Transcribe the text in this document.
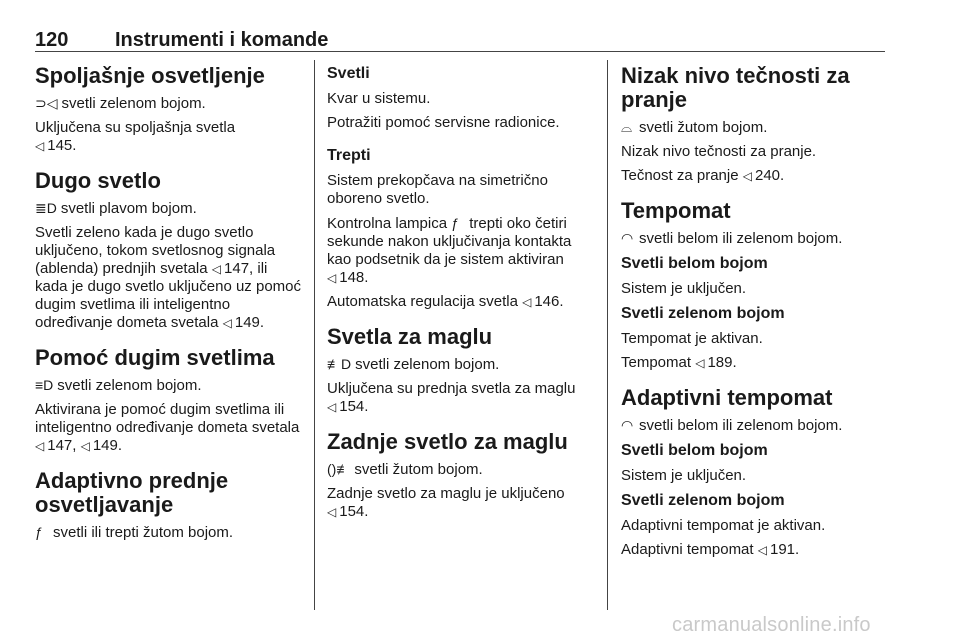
120 Instrumenti i komande
Spoljašnje osvetljenje

⊃◁ svetli zelenom bojom.

Uključena su spoljašnja svetla
◁ 145.

Dugo svetlo

≣D svetli plavom bojom.

Svetli zeleno kada je dugo svetlo uključeno, tokom svetlosnog signala (ablenda) prednjih svetala ◁ 147, ili kada je dugo svetlo uključeno uz pomoć dugim svetlima ili inteligentno određivanje dometa svetala ◁ 149.

Pomoć dugim svetlima

≡D svetli zelenom bojom.

Aktivirana je pomoć dugim svetlima ili inteligentno određivanje dometa svetala ◁ 147, ◁ 149.

Adaptivno prednje osvetljavanje

ƒ svetli ili trepti žutom bojom.

Svetli

Kvar u sistemu.

Potražiti pomoć servisne radionice.

Trepti

Sistem prekopčava na simetrično oboreno svetlo.

Kontrolna lampica ƒ trepti oko četiri sekunde nakon uključivanja kontakta kao podsetnik da je sistem aktiviran
◁ 148.

Automatska regulacija svetla ◁ 146.

Svetla za maglu

≢D svetli zelenom bojom.

Uključena su prednja svetla za maglu
◁ 154.

Zadnje svetlo za maglu

()≢ svetli žutom bojom.

Zadnje svetlo za maglu je uključeno
◁ 154.

Nizak nivo tečnosti za pranje

⌓ svetli žutom bojom.

Nizak nivo tečnosti za pranje.

Tečnost za pranje ◁ 240.

Tempomat

◠ svetli belom ili zelenom bojom.

Svetli belom bojom

Sistem je uključen.

Svetli zelenom bojom

Tempomat je aktivan.

Tempomat ◁ 189.

Adaptivni tempomat

◠ svetli belom ili zelenom bojom.

Svetli belom bojom

Sistem je uključen.

Svetli zelenom bojom

Adaptivni tempomat je aktivan.

Adaptivni tempomat ◁ 191.

carmanualsonline.info
